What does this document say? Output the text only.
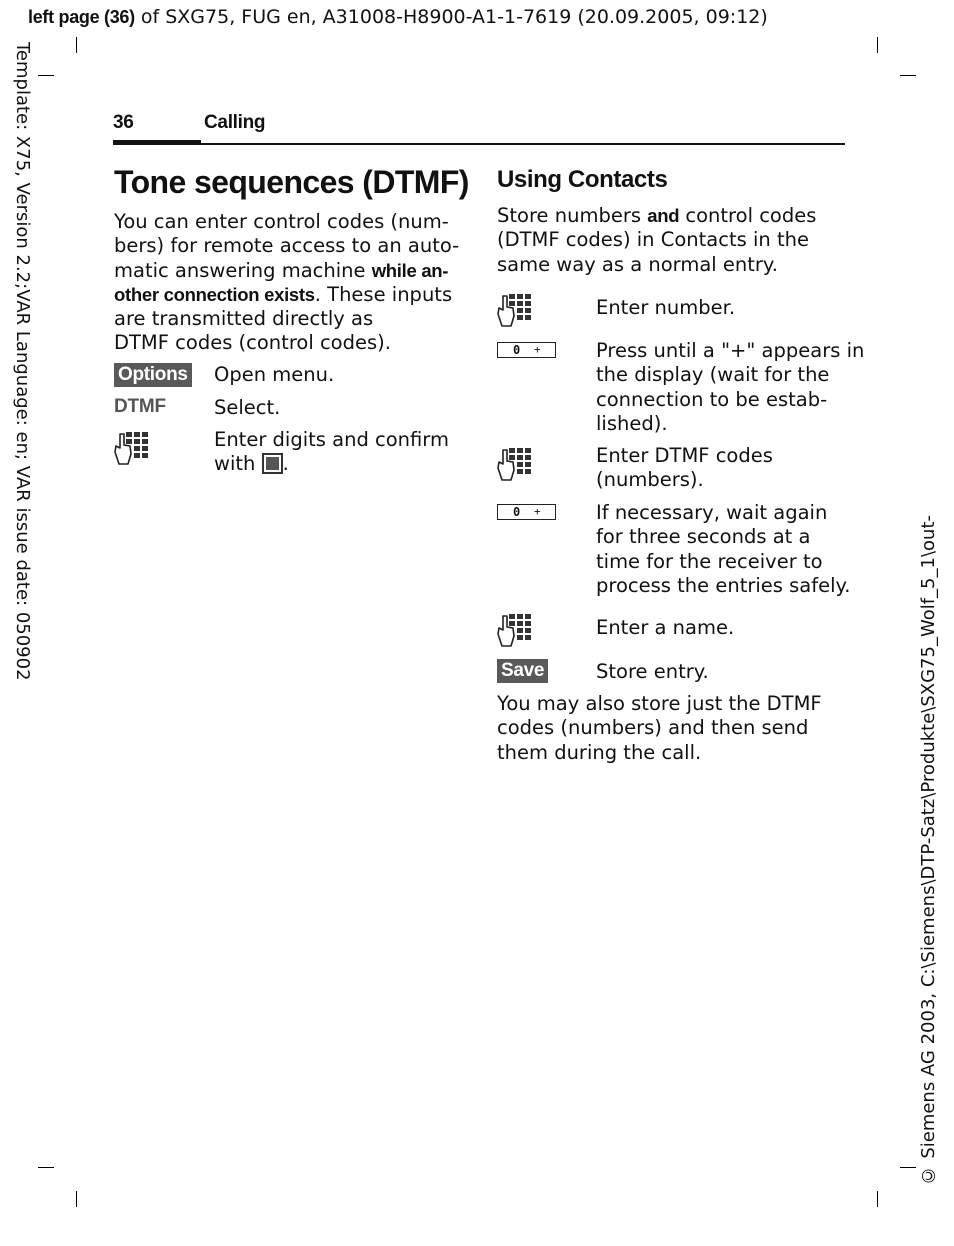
left page (36) of SXG75, FUG en, A31008-H8900-A1-1-7619 (20.09.2005, 09:12)
Template: X75, Version 2.2;VAR Language: en; VAR issue date: 050902
© Siemens AG 2003, C:\Siemens\DTP-Satz\Produkte\SXG75_Wolf_5_1\out-
36	Calling
Tone sequences (DTMF)
You can enter control codes (num-
bers) for remote access to an auto-
matic answering machine while an-
other connection exists. These inputs
are transmitted directly as
DTMF codes (control codes).
Options Open menu.
DTMF Select.
Enter digits and confirm
with .
Using Contacts
Store numbers and control codes
(DTMF codes) in Contacts in the
same way as a normal entry.
Enter number.
0 +	Press until a "+" appears in
the display (wait for the
connection to be estab-
lished).
Enter DTMF codes
(numbers).
0 +	If necessary, wait again
for three seconds at a
time for the receiver to
process the entries safely.
Enter a name.
Save	Store entry.
You may also store just the DTMF
codes (numbers) and then send
them during the call.
